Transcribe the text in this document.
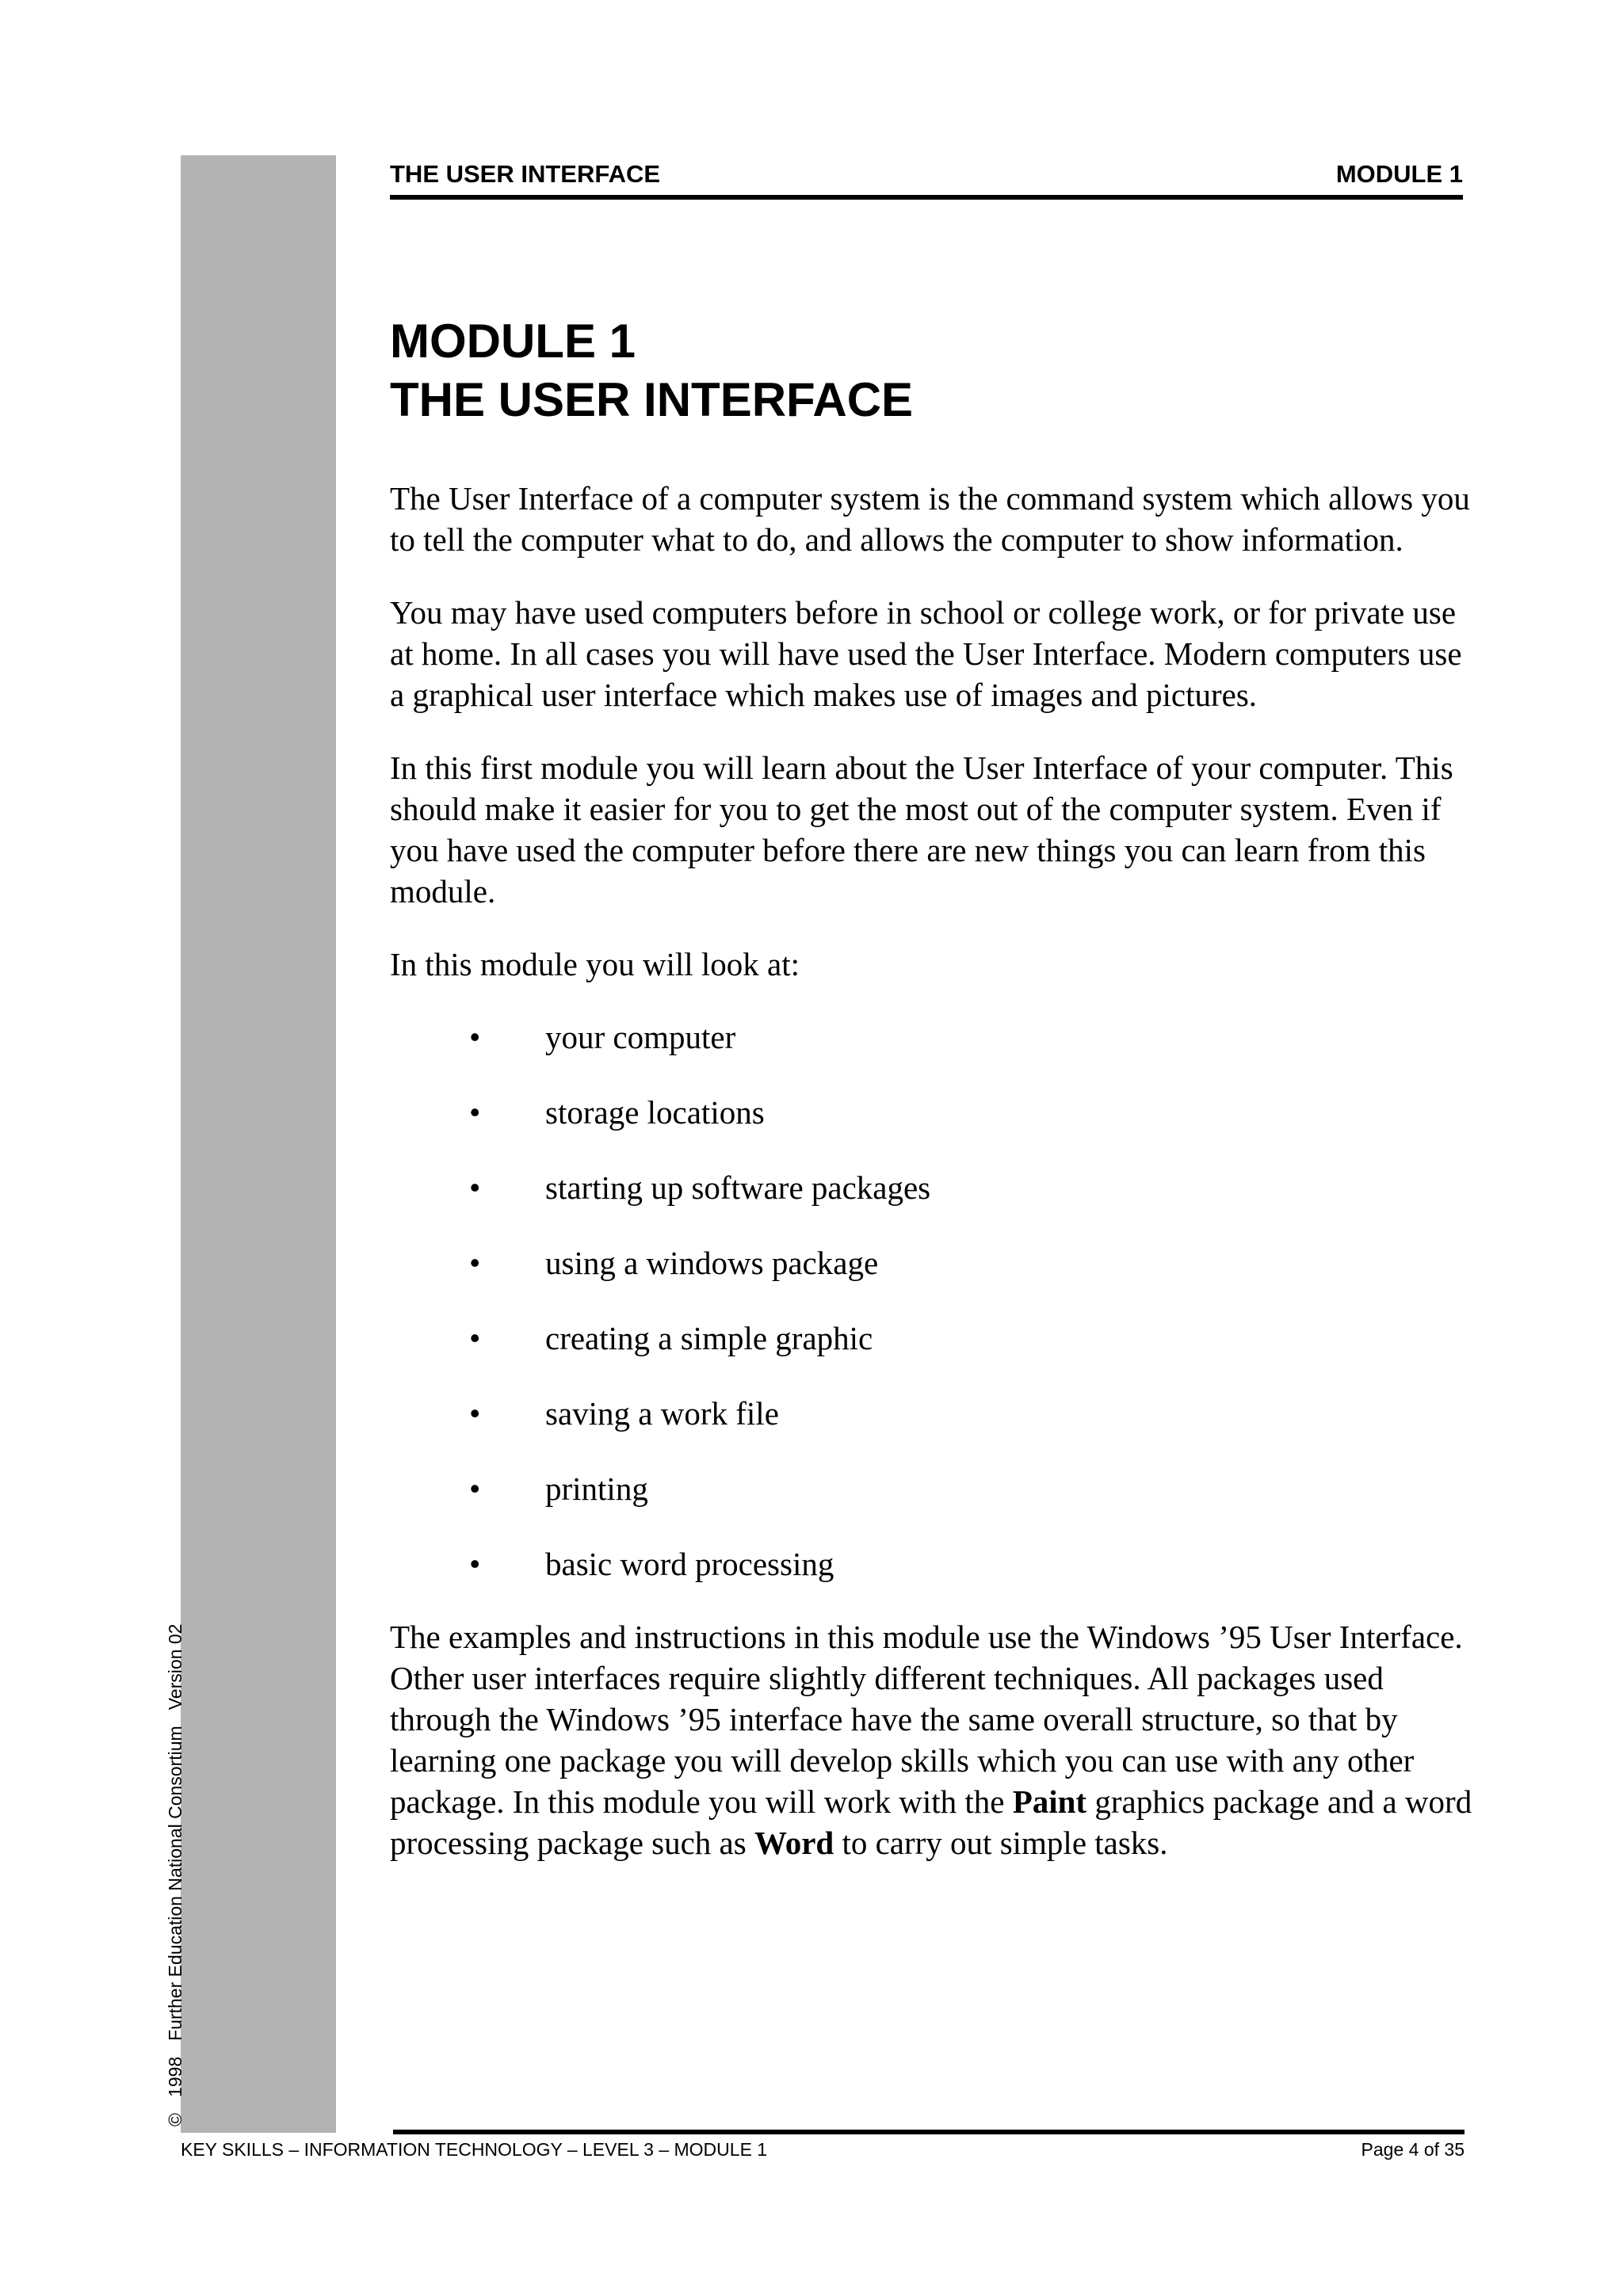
©1998Further Education National ConsortiumVersion 02
THE USER INTERFACE	MODULE 1
MODULE 1
THE USER INTERFACE

The User Interface of a computer system is the command system which allows you to tell the computer what to do, and allows the computer to show information.

You may have used computers before in school or college work, or for private use at home. In all cases you will have used the User Interface. Modern computers use a graphical user interface which makes use of images and pictures.

In this first module you will learn about the User Interface of your computer. This should make it easier for you to get the most out of the computer system. Even if you have used the computer before there are new things you can learn from this module.

In this module you will look at:

• your computer
• storage locations
• starting up software packages
• using a windows package
• creating a simple graphic
• saving a work file
• printing
• basic word processing

The examples and instructions in this module use the Windows ’95 User Interface. Other user interfaces require slightly different techniques. All packages used through the Windows ’95 interface have the same overall structure, so that by learning one package you will develop skills which you can use with any other package. In this module you will work with the Paint graphics package and a word processing package such as Word to carry out simple tasks.

KEY SKILLS – INFORMATION TECHNOLOGY – LEVEL 3 – MODULE 1	Page 4 of 35
